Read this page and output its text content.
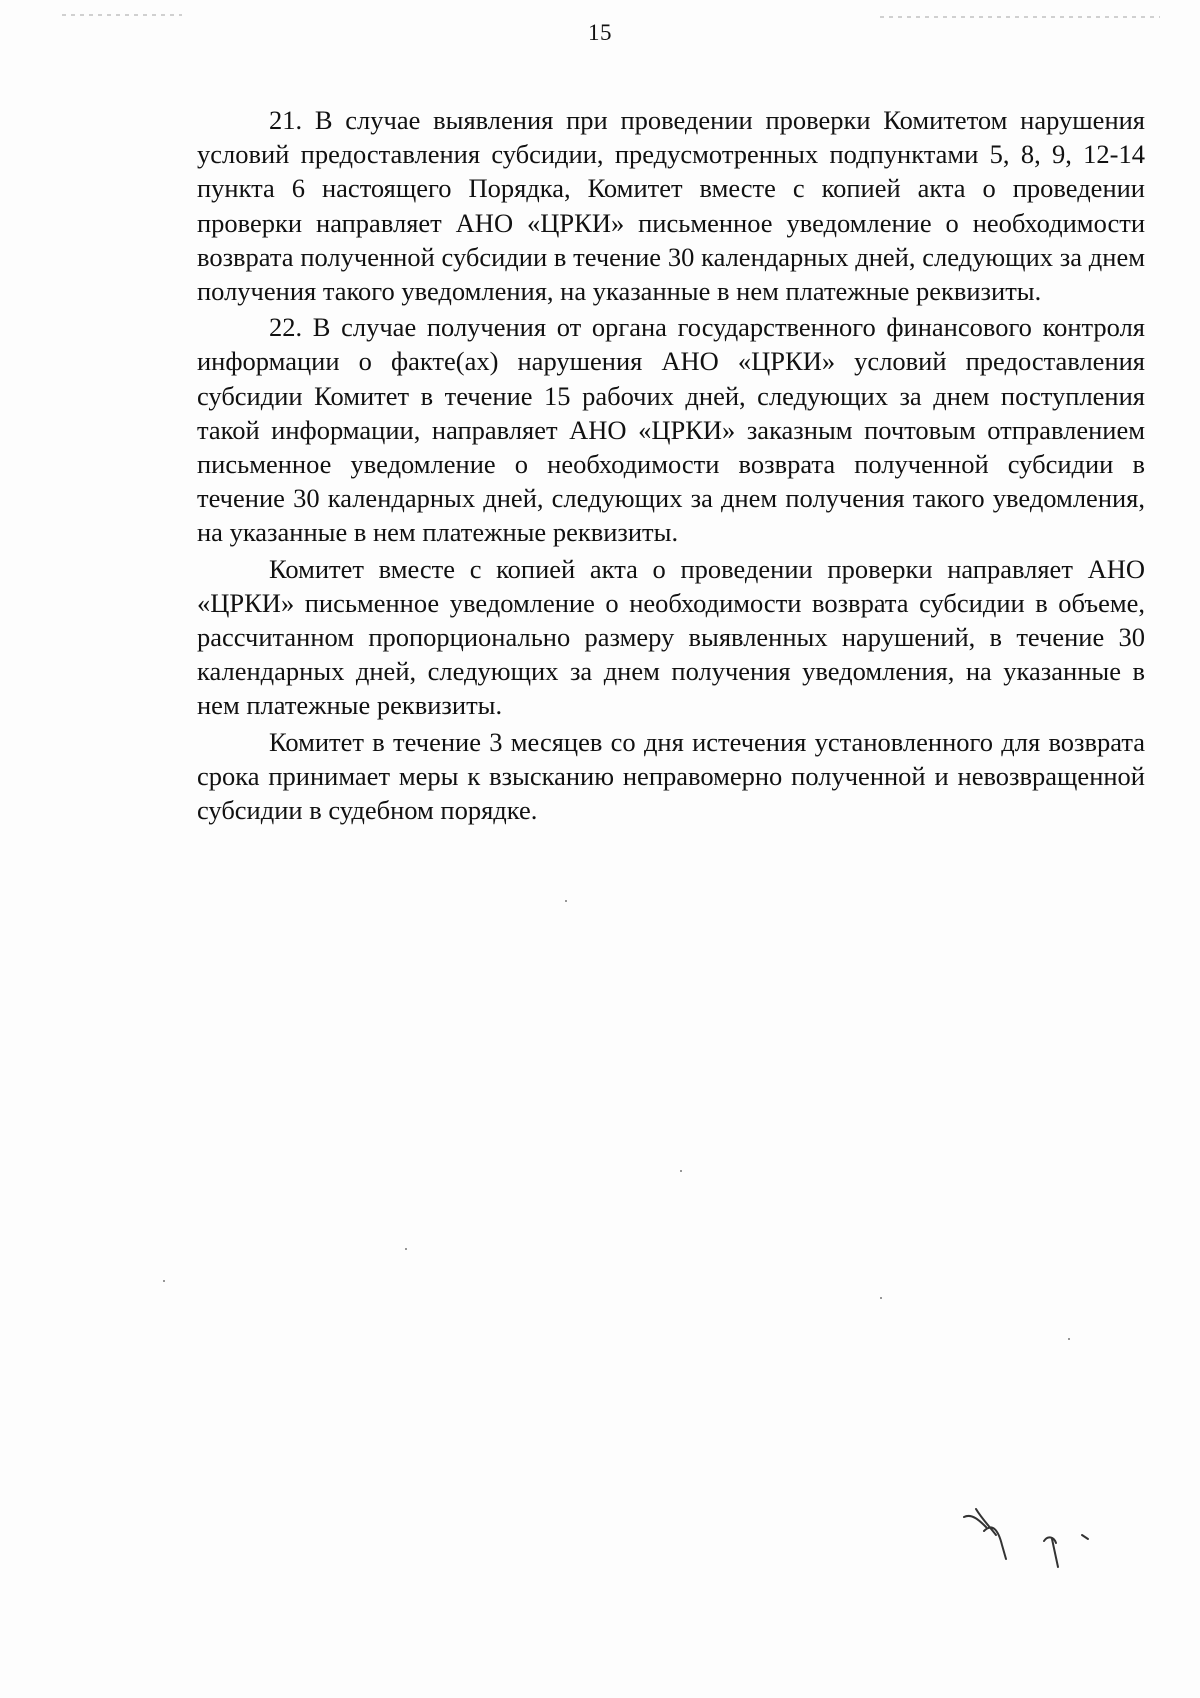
15

21. В случае выявления при проведении проверки Комитетом нарушения условий предоставления субсидии, предусмотренных подпунктами 5, 8, 9, 12-14 пункта 6 настоящего Порядка, Комитет вместе с копией акта о проведении проверки направляет АНО «ЦРКИ» письменное уведомление о необходимости возврата полученной субсидии в течение 30 календарных дней, следующих за днем получения такого уведомления, на указанные в нем платежные реквизиты.

22. В случае получения от органа государственного финансового контроля информации о факте(ах) нарушения АНО «ЦРКИ» условий предоставления субсидии Комитет в течение 15 рабочих дней, следующих за днем поступления такой информации, направляет АНО «ЦРКИ» заказным почтовым отправлением письменное уведомление о необходимости возврата полученной субсидии в течение 30 календарных дней, следующих за днем получения такого уведомления, на указанные в нем платежные реквизиты.

Комитет вместе с копией акта о проведении проверки направляет АНО «ЦРКИ» письменное уведомление о необходимости возврата субсидии в объеме, рассчитанном пропорционально размеру выявленных нарушений, в течение 30 календарных дней, следующих за днем получения уведомления, на указанные в нем платежные реквизиты.

Комитет в течение 3 месяцев со дня истечения установленного для возврата срока принимает меры к взысканию неправомерно полученной и невозвращенной субсидии в судебном порядке.
